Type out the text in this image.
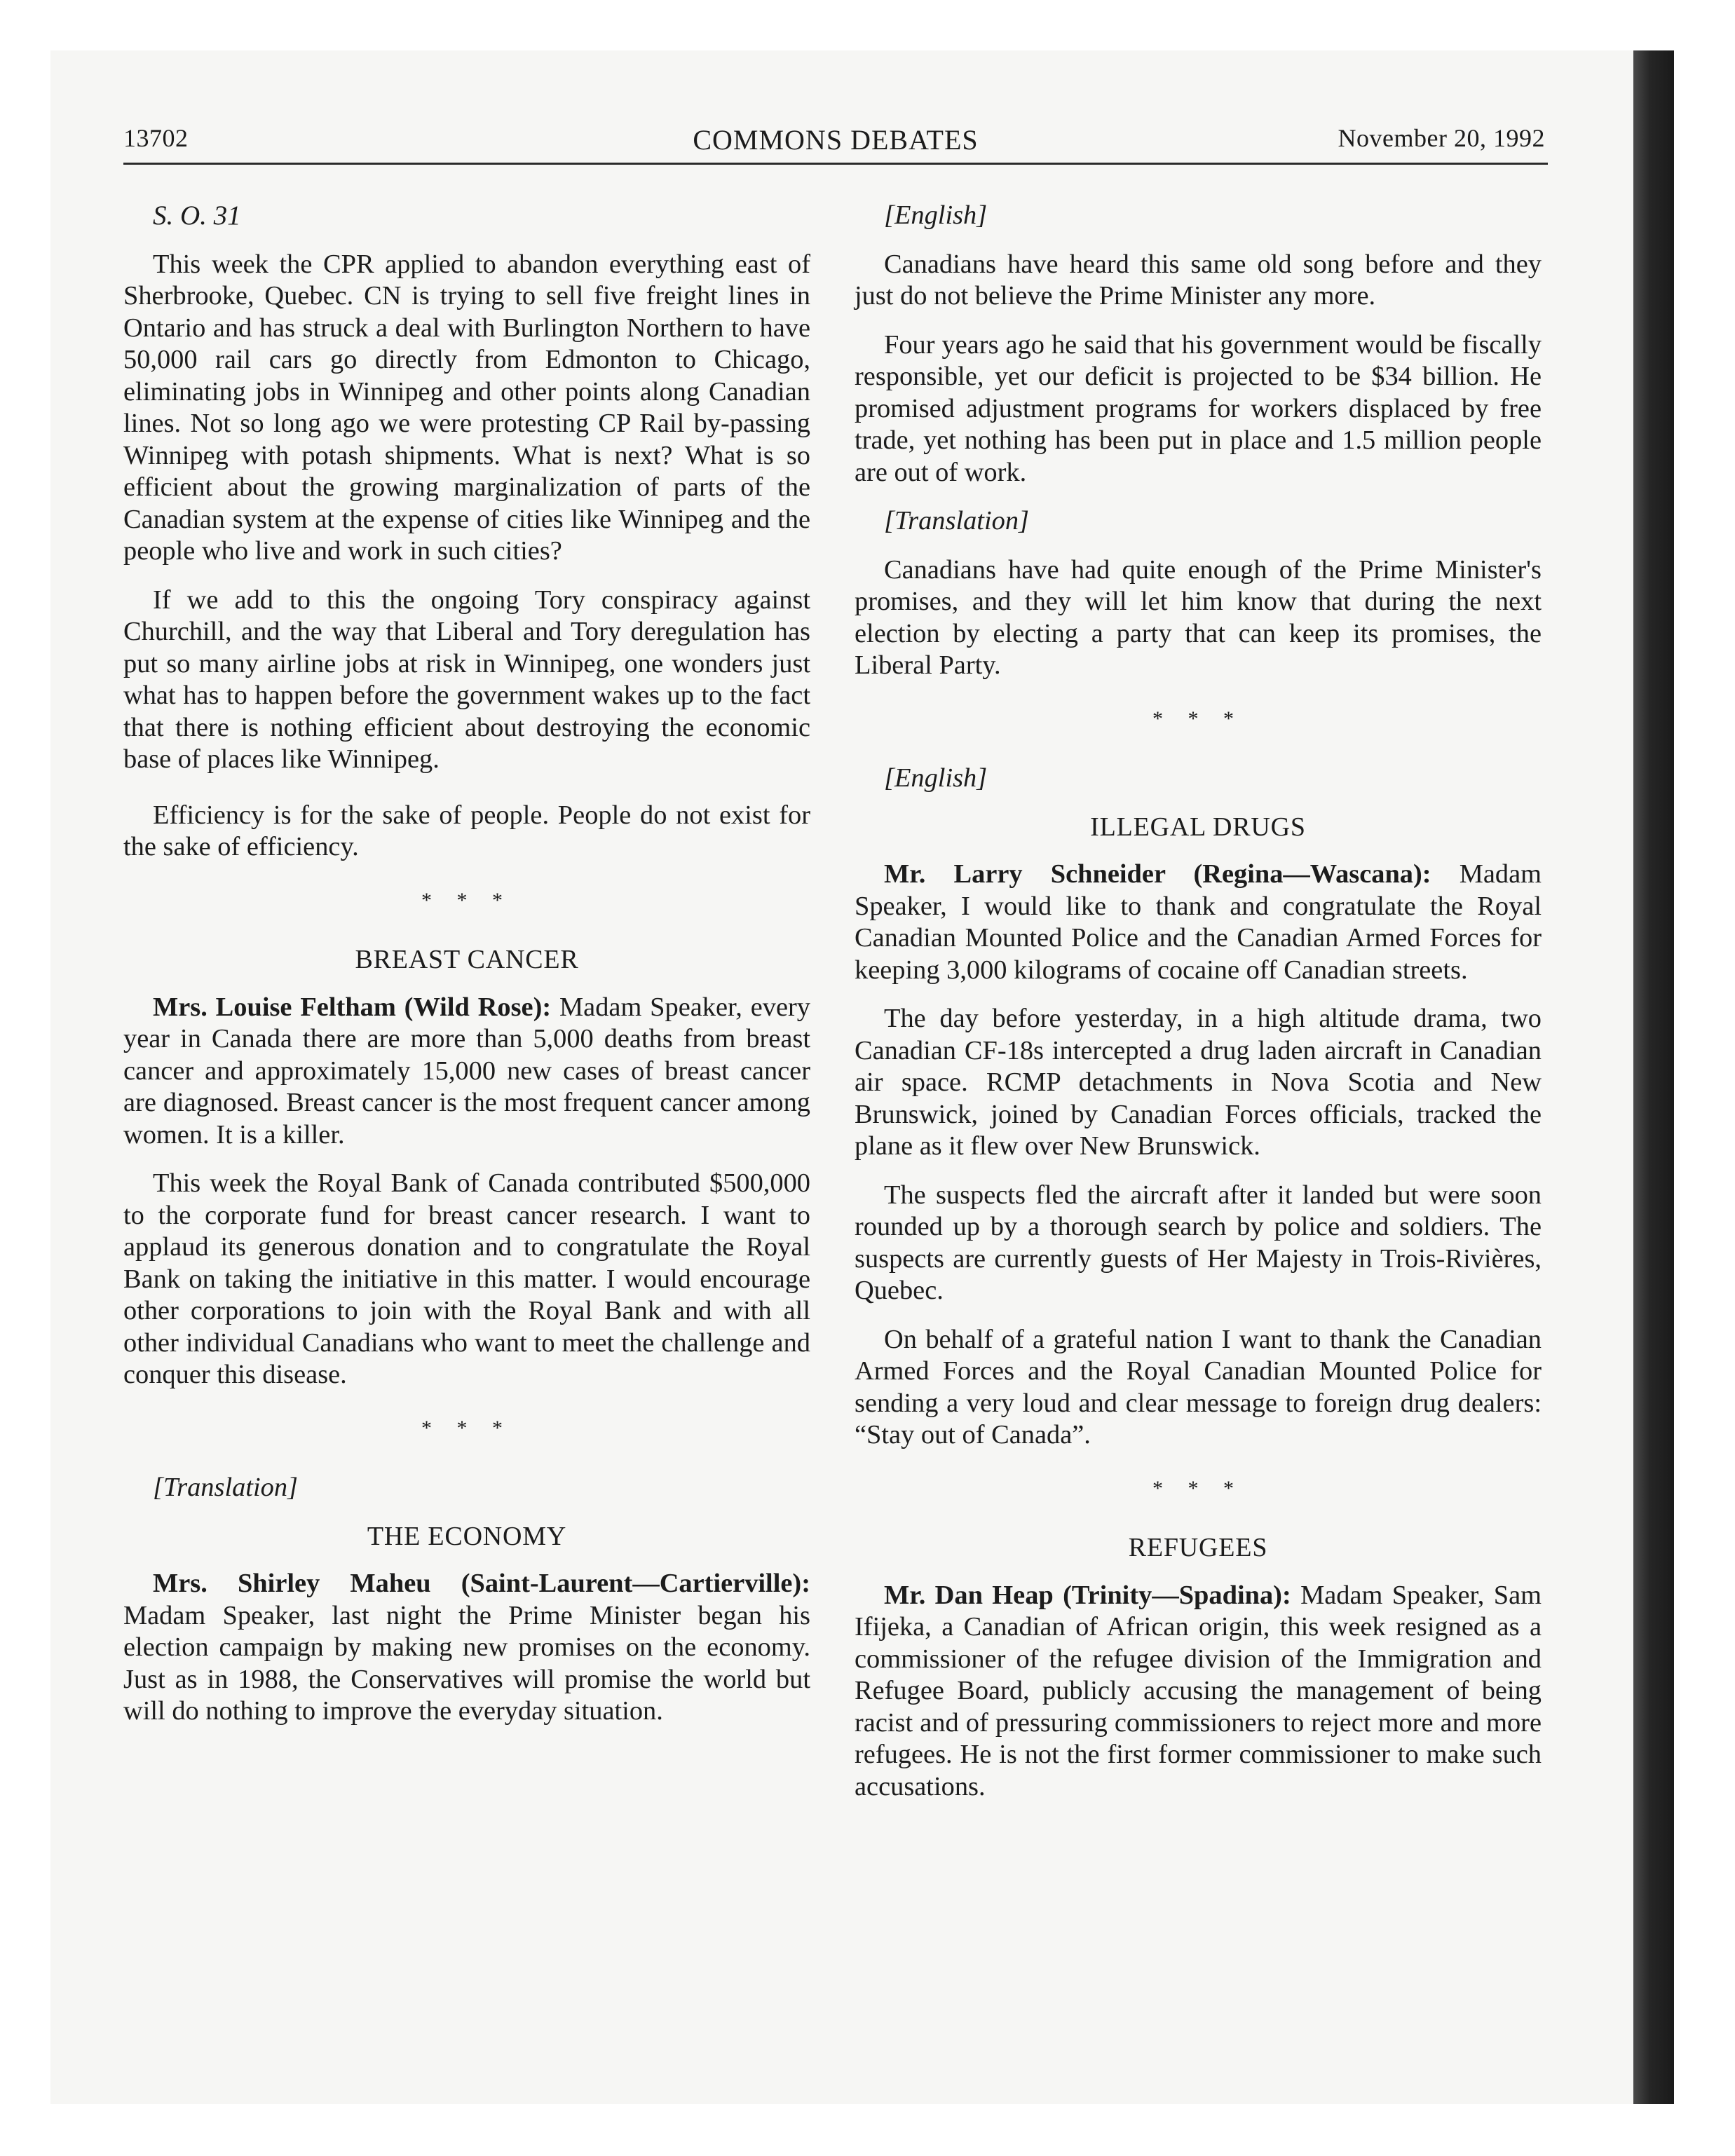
13702	COMMONS DEBATES	November 20, 1992

S. O. 31

This week the CPR applied to abandon everything east of Sherbrooke, Quebec. CN is trying to sell five freight lines in Ontario and has struck a deal with Burlington Northern to have 50,000 rail cars go directly from Edmonton to Chicago, eliminating jobs in Winnipeg and other points along Canadian lines. Not so long ago we were protesting CP Rail by-passing Winnipeg with potash shipments. What is next? What is so efficient about the growing marginalization of parts of the Canadian system at the expense of cities like Winnipeg and the people who live and work in such cities?

If we add to this the ongoing Tory conspiracy against Churchill, and the way that Liberal and Tory deregulation has put so many airline jobs at risk in Winnipeg, one wonders just what has to happen before the government wakes up to the fact that there is nothing efficient about destroying the economic base of places like Winnipeg.

Efficiency is for the sake of people. People do not exist for the sake of efficiency.

* * *
BREAST CANCER

Mrs. Louise Feltham (Wild Rose): Madam Speaker, every year in Canada there are more than 5,000 deaths from breast cancer and approximately 15,000 new cases of breast cancer are diagnosed. Breast cancer is the most frequent cancer among women. It is a killer.

This week the Royal Bank of Canada contributed $500,000 to the corporate fund for breast cancer research. I want to applaud its generous donation and to congratulate the Royal Bank on taking the initiative in this matter. I would encourage other corporations to join with the Royal Bank and with all other individual Canadians who want to meet the challenge and conquer this disease.

* * *

[Translation]

THE ECONOMY

Mrs. Shirley Maheu (Saint-Laurent—Cartierville): Madam Speaker, last night the Prime Minister began his election campaign by making new promises on the economy. Just as in 1988, the Conservatives will promise the world but will do nothing to improve the everyday situation.

[English]

Canadians have heard this same old song before and they just do not believe the Prime Minister any more.

Four years ago he said that his government would be fiscally responsible, yet our deficit is projected to be $34 billion. He promised adjustment programs for workers displaced by free trade, yet nothing has been put in place and 1.5 million people are out of work.

[Translation]

Canadians have had quite enough of the Prime Minister's promises, and they will let him know that during the next election by electing a party that can keep its promises, the Liberal Party.

* * *

[English]

ILLEGAL DRUGS

Mr. Larry Schneider (Regina—Wascana): Madam Speaker, I would like to thank and congratulate the Royal Canadian Mounted Police and the Canadian Armed Forces for keeping 3,000 kilograms of cocaine off Canadian streets.

The day before yesterday, in a high altitude drama, two Canadian CF-18s intercepted a drug laden aircraft in Canadian air space. RCMP detachments in Nova Scotia and New Brunswick, joined by Canadian Forces officials, tracked the plane as it flew over New Brunswick.

The suspects fled the aircraft after it landed but were soon rounded up by a thorough search by police and soldiers. The suspects are currently guests of Her Majesty in Trois-Rivières, Quebec.

On behalf of a grateful nation I want to thank the Canadian Armed Forces and the Royal Canadian Mounted Police for sending a very loud and clear message to foreign drug dealers: “Stay out of Canada”.

* * *
REFUGEES

Mr. Dan Heap (Trinity—Spadina): Madam Speaker, Sam Ifijeka, a Canadian of African origin, this week resigned as a commissioner of the refugee division of the Immigration and Refugee Board, publicly accusing the management of being racist and of pressuring commissioners to reject more and more refugees. He is not the first former commissioner to make such accusations.
